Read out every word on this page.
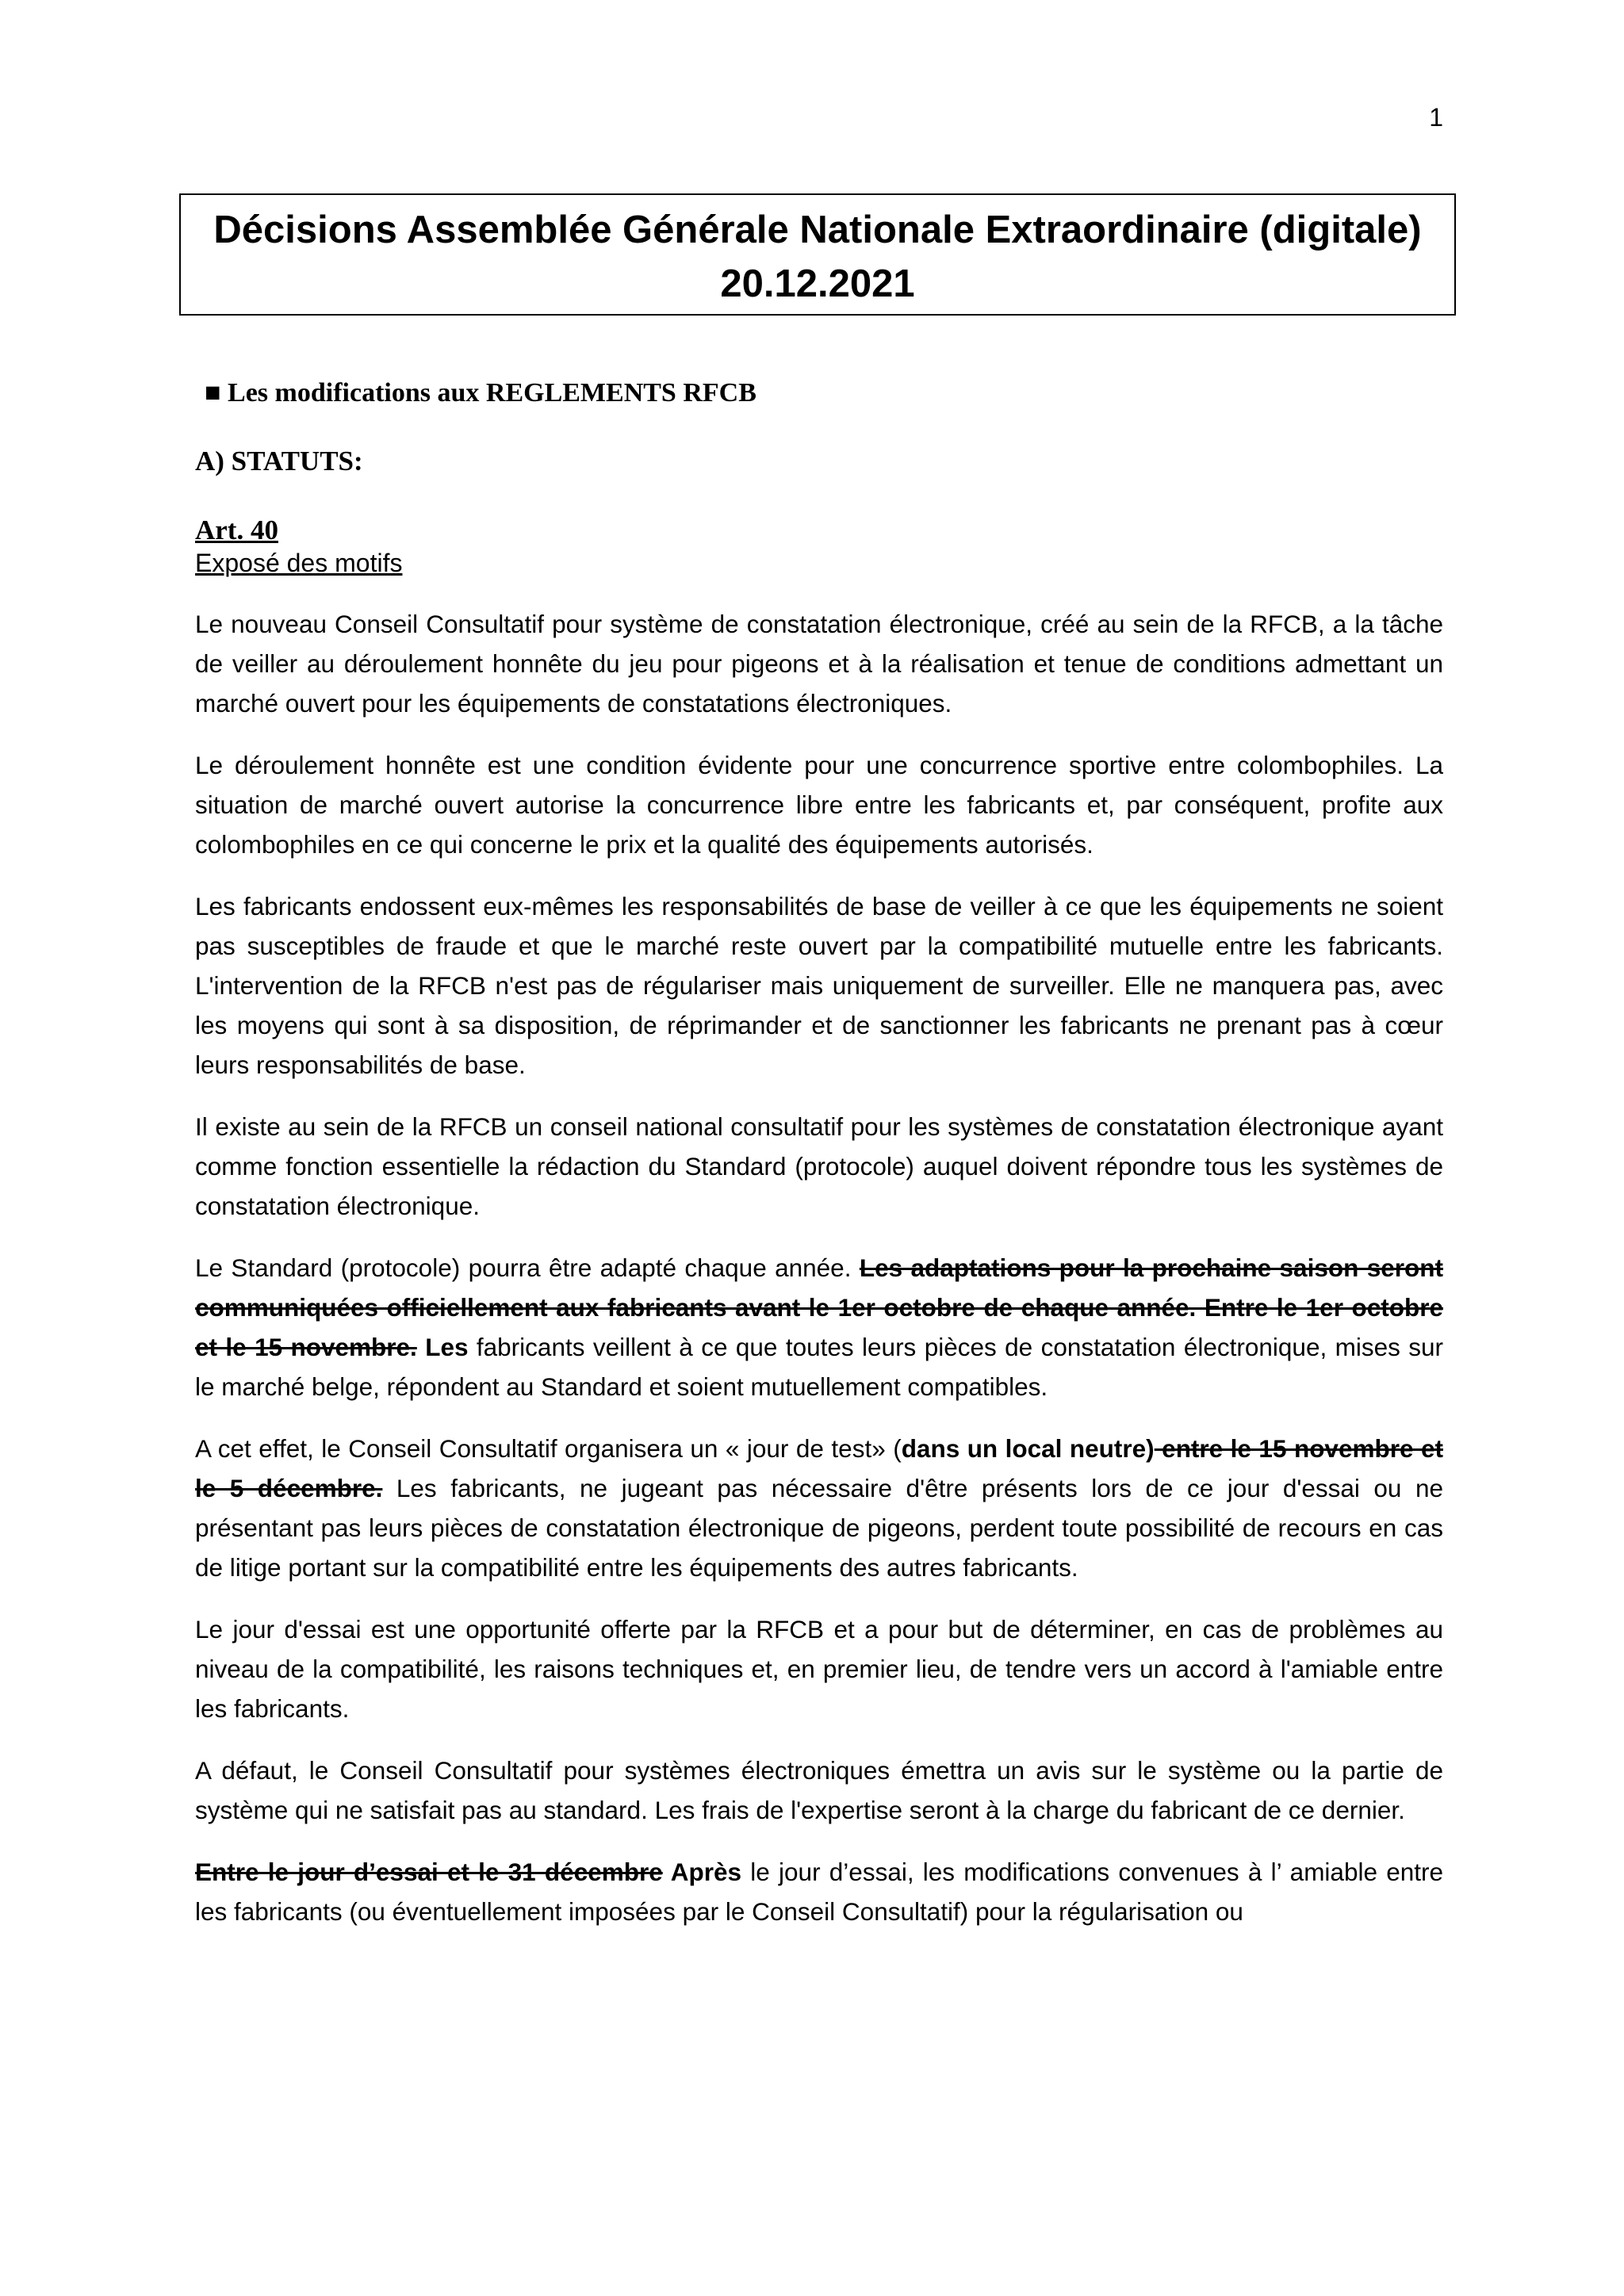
1
Décisions Assemblée Générale Nationale Extraordinaire (digitale)
20.12.2021
■ Les modifications aux REGLEMENTS RFCB
A) STATUTS:
Art. 40
Exposé des motifs

Le nouveau Conseil Consultatif pour système de constatation électronique, créé au sein de la RFCB, a la tâche de veiller au déroulement honnête du jeu pour pigeons et à la réalisation et tenue de conditions admettant un marché ouvert pour les équipements de constatations électroniques.

Le déroulement honnête est une condition évidente pour une concurrence sportive entre colombophiles. La situation de marché ouvert autorise la concurrence libre entre les fabricants et, par conséquent, profite aux colombophiles en ce qui concerne le prix et la qualité des équipements autorisés.

Les fabricants endossent eux-mêmes les responsabilités de base de veiller à ce que les équipements ne soient pas susceptibles de fraude et que le marché reste ouvert par la compatibilité mutuelle entre les fabricants. L'intervention de la RFCB n'est pas de régulariser mais uniquement de surveiller. Elle ne manquera pas, avec les moyens qui sont à sa disposition, de réprimander et de sanctionner les fabricants ne prenant pas à cœur leurs responsabilités de base.

Il existe au sein de la RFCB un conseil national consultatif pour les systèmes de constatation électronique ayant comme fonction essentielle la rédaction du Standard (protocole) auquel doivent répondre tous les systèmes de constatation électronique.

Le Standard (protocole) pourra être adapté chaque année. Les adaptations pour la prochaine saison seront communiquées officiellement aux fabricants avant le 1er octobre de chaque année. Entre le 1er octobre et le 15 novembre. Les fabricants veillent à ce que toutes leurs pièces de constatation électronique, mises sur le marché belge, répondent au Standard et soient mutuellement compatibles.

A cet effet, le Conseil Consultatif organisera un « jour de test» (dans un local neutre) entre le 15 novembre et le 5 décembre. Les fabricants, ne jugeant pas nécessaire d'être présents lors de ce jour d'essai ou ne présentant pas leurs pièces de constatation électronique de pigeons, perdent toute possibilité de recours en cas de litige portant sur la compatibilité entre les équipements des autres fabricants.

Le jour d'essai est une opportunité offerte par la RFCB et a pour but de déterminer, en cas de problèmes au niveau de la compatibilité, les raisons techniques et, en premier lieu, de tendre vers un accord à l'amiable entre les fabricants.

A défaut, le Conseil Consultatif pour systèmes électroniques émettra un avis sur le système ou la partie de système qui ne satisfait pas au standard. Les frais de l'expertise seront à la charge du fabricant de ce dernier.

Entre le jour d’essai et le 31 décembre Après le jour d’essai, les modifications convenues à l’ amiable entre les fabricants (ou éventuellement imposées par le Conseil Consultatif) pour la régularisation ou
